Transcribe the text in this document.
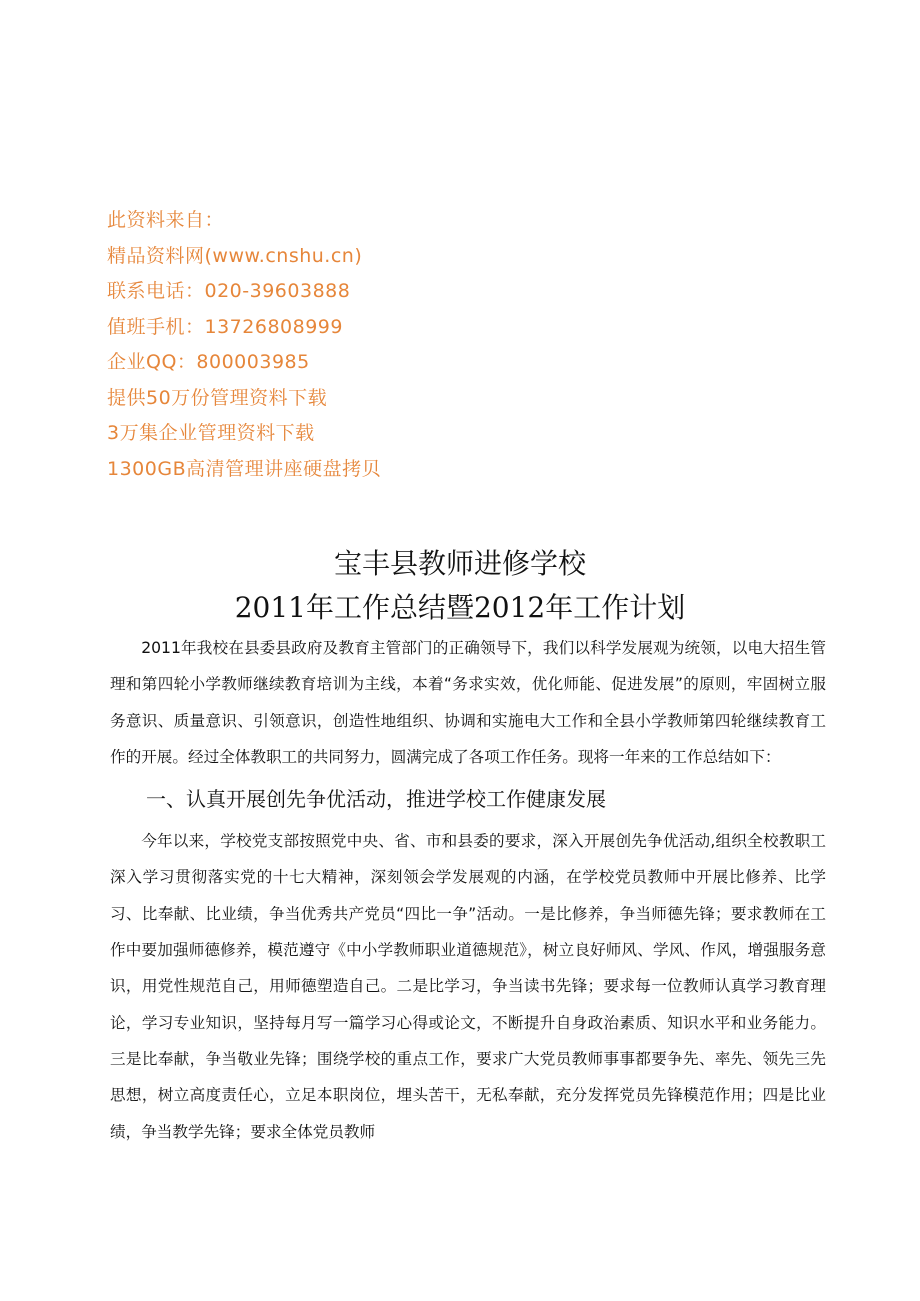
此资料来自：
精品资料网(www.cnshu.cn)
联系电话：020-39603888
值班手机：13726808999
企业QQ：800003985
提供50万份管理资料下载
3万集企业管理资料下载
1300GB高清管理讲座硬盘拷贝
宝丰县教师进修学校
2011年工作总结暨2012年工作计划

2011年我校在县委县政府及教育主管部门的正确领导下，我们以科学发展观为统领，以电大招生管理和第四轮小学教师继续教育培训为主线，本着“务求实效，优化师能、促进发展”的原则，牢固树立服务意识、质量意识、引领意识，创造性地组织、协调和实施电大工作和全县小学教师第四轮继续教育工作的开展。经过全体教职工的共同努力，圆满完成了各项工作任务。现将一年来的工作总结如下：

一、认真开展创先争优活动，推进学校工作健康发展

今年以来，学校党支部按照党中央、省、市和县委的要求，深入开展创先争优活动,组织全校教职工深入学习贯彻落实党的十七大精神，深刻领会学发展观的内涵，在学校党员教师中开展比修养、比学习、比奉献、比业绩，争当优秀共产党员“四比一争”活动。一是比修养，争当师德先锋；要求教师在工作中要加强师德修养，模范遵守《中小学教师职业道德规范》，树立良好师风、学风、作风，增强服务意识，用党性规范自己，用师德塑造自己。二是比学习，争当读书先锋；要求每一位教师认真学习教育理论，学习专业知识，坚持每月写一篇学习心得或论文，不断提升自身政治素质、知识水平和业务能力。三是比奉献，争当敬业先锋；围绕学校的重点工作，要求广大党员教师事事都要争先、率先、领先三先思想，树立高度责任心，立足本职岗位，埋头苦干，无私奉献，充分发挥党员先锋模范作用；四是比业绩，争当教学先锋；要求全体党员教师
